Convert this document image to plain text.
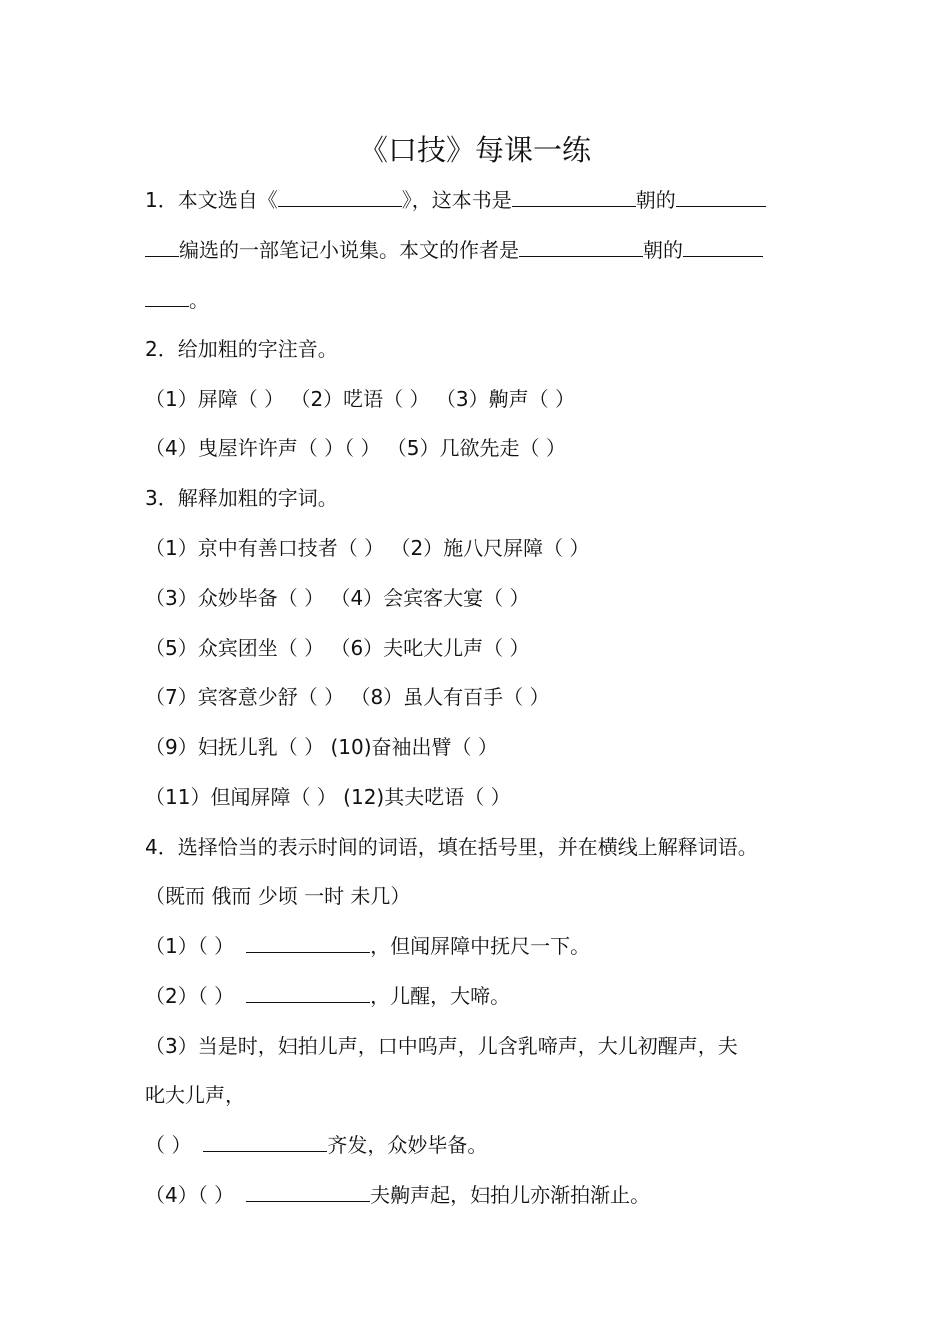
《口技》每课一练
1．本文选自《	》，这本书是	朝的
编选的一部笔记小说集。本文的作者是	朝的
。
2．给加粗的字注音。
（1）屏障（ ） （2）呓语（ ） （3）齁声（ ）
（4）曳屋许许声（ ）（ ） （5）几欲先走（ ）
3．解释加粗的字词。
（1）京中有善口技者（ ） （2）施八尺屏障（ ）
（3）众妙毕备（ ） （4）会宾客大宴（ ）
（5）众宾团坐（ ） （6）夫叱大儿声（ ）
（7）宾客意少舒（ ） （8）虽人有百手（ ）
（9）妇抚儿乳（ ） (10)奋袖出臂（ ）
（11）但闻屏障（ ） (12)其夫呓语（ ）
4．选择恰当的表示时间的词语，填在括号里，并在横线上解释词语。
（既而 俄而 少顷 一时 未几）
（1）（ ）	，但闻屏障中抚尺一下。
（2）（ ）	，儿醒，大啼。
（3）当是时，妇拍儿声，口中呜声，儿含乳啼声，大儿初醒声，夫
叱大儿声，
（ ）	齐发，众妙毕备。
（4）（ ）	夫齁声起，妇拍儿亦渐拍渐止。
